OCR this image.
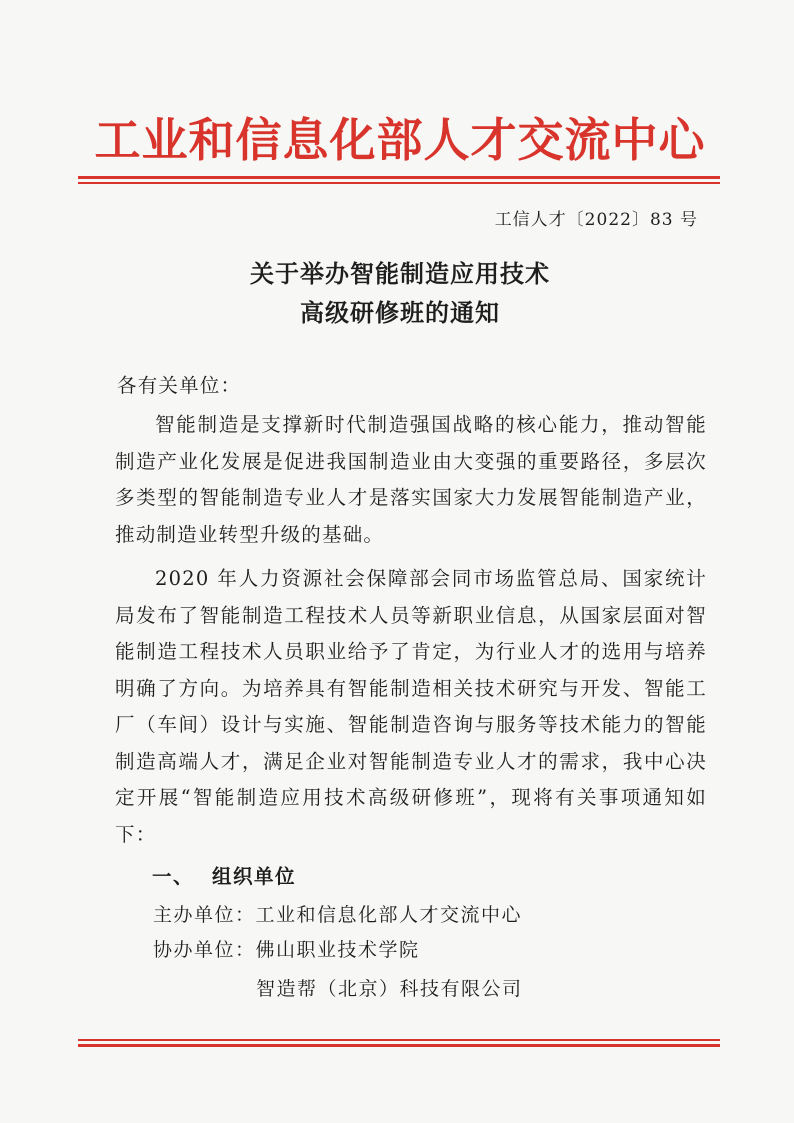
工业和信息化部人才交流中心
工信人才〔2022〕83 号
关于举办智能制造应用技术
高级研修班的通知
各有关单位：
智能制造是支撑新时代制造强国战略的核心能力，推动智能制造产业化发展是促进我国制造业由大变强的重要路径，多层次多类型的智能制造专业人才是落实国家大力发展智能制造产业，推动制造业转型升级的基础。
2020 年人力资源社会保障部会同市场监管总局、国家统计局发布了智能制造工程技术人员等新职业信息，从国家层面对智能制造工程技术人员职业给予了肯定，为行业人才的选用与培养明确了方向。为培养具有智能制造相关技术研究与开发、智能工厂（车间）设计与实施、智能制造咨询与服务等技术能力的智能制造高端人才，满足企业对智能制造专业人才的需求，我中心决定开展“智能制造应用技术高级研修班”，现将有关事项通知如下：
一、 组织单位
主办单位：工业和信息化部人才交流中心
协办单位：佛山职业技术学院
智造帮（北京）科技有限公司
